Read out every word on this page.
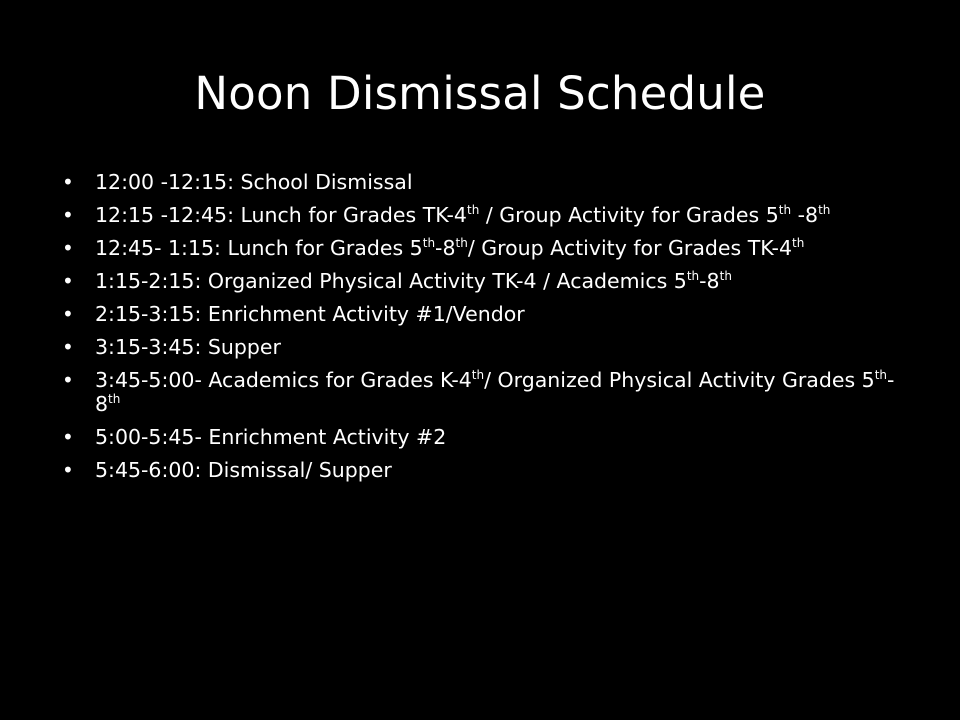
Noon Dismissal Schedule
• 12:00 -12:15: School Dismissal
• 12:15 -12:45: Lunch for Grades TK-4th / Group Activity for Grades 5th -8th
• 12:45- 1:15: Lunch for Grades 5th-8th/ Group Activity for Grades TK-4th
• 1:15-2:15: Organized Physical Activity TK-4 / Academics 5th-8th
• 2:15-3:15: Enrichment Activity #1/Vendor
• 3:15-3:45: Supper
• 3:45-5:00- Academics for Grades K-4th/ Organized Physical Activity Grades 5th-8th
• 5:00-5:45- Enrichment Activity #2
• 5:45-6:00: Dismissal/ Supper
